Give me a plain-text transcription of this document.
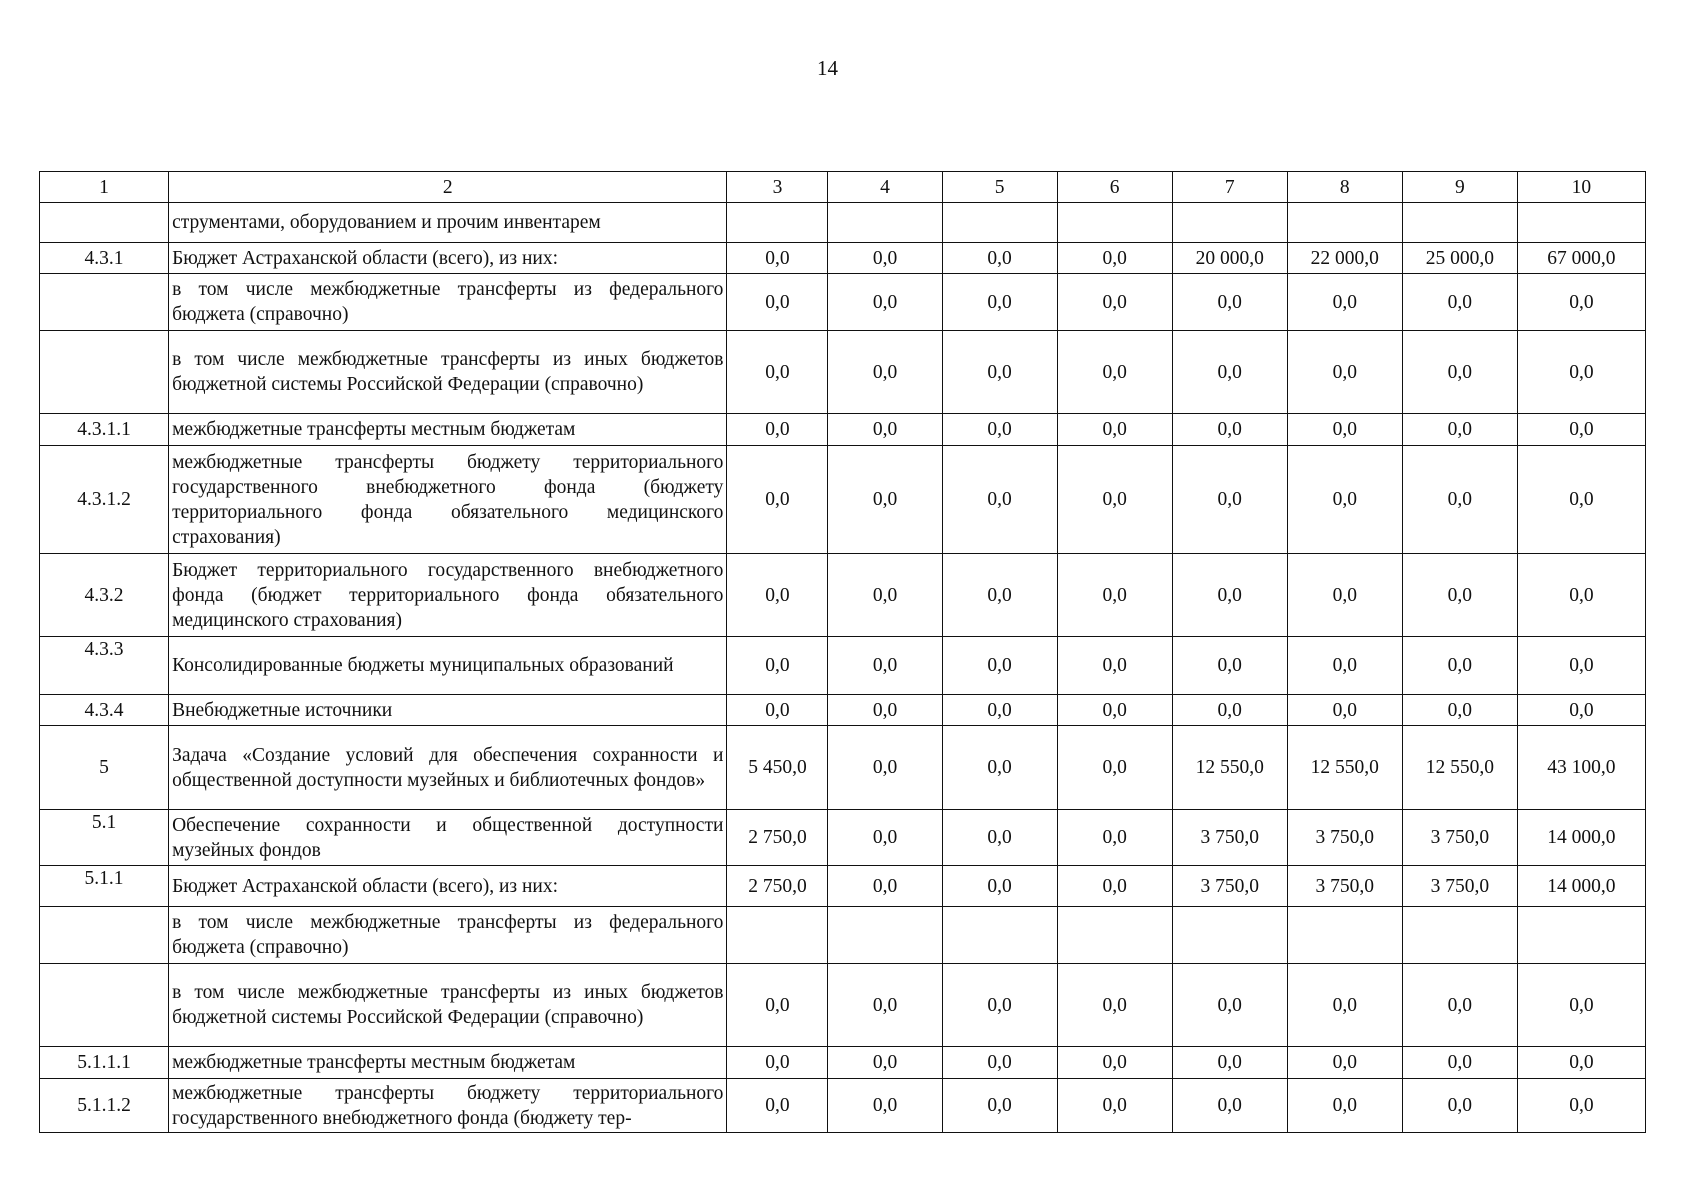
14
1	2	3	4	5	6	7	8	9	10
	струментами, оборудованием и прочим инвентарем								
4.3.1	Бюджет Астраханской области (всего), из них:	0,0	0,0	0,0	0,0	20 000,0	22 000,0	25 000,0	67 000,0
	в том числе межбюджетные трансферты из федерального бюджета (справочно)	0,0	0,0	0,0	0,0	0,0	0,0	0,0	0,0
	в том числе межбюджетные трансферты из иных бюджетов бюджетной системы Российской Федерации (справочно)	0,0	0,0	0,0	0,0	0,0	0,0	0,0	0,0
4.3.1.1	межбюджетные трансферты местным бюджетам	0,0	0,0	0,0	0,0	0,0	0,0	0,0	0,0
4.3.1.2	межбюджетные трансферты бюджету территориального государственного внебюджетного фонда (бюджету территориального фонда обязательного медицинского страхования)	0,0	0,0	0,0	0,0	0,0	0,0	0,0	0,0
4.3.2	Бюджет территориального государственного внебюджетного фонда (бюджет территориального фонда обязательного медицинского страхования)	0,0	0,0	0,0	0,0	0,0	0,0	0,0	0,0
4.3.3	Консолидированные бюджеты муниципальных образований	0,0	0,0	0,0	0,0	0,0	0,0	0,0	0,0
4.3.4	Внебюджетные источники	0,0	0,0	0,0	0,0	0,0	0,0	0,0	0,0
5	Задача «Создание условий для обеспечения сохранности и общественной доступности музейных и библиотечных фондов»	5 450,0	0,0	0,0	0,0	12 550,0	12 550,0	12 550,0	43 100,0
5.1	Обеспечение сохранности и общественной доступности музейных фондов	2 750,0	0,0	0,0	0,0	3 750,0	3 750,0	3 750,0	14 000,0
5.1.1	Бюджет Астраханской области (всего), из них:	2 750,0	0,0	0,0	0,0	3 750,0	3 750,0	3 750,0	14 000,0
	в том числе межбюджетные трансферты из федерального бюджета (справочно)								
	в том числе межбюджетные трансферты из иных бюджетов бюджетной системы Российской Федерации (справочно)	0,0	0,0	0,0	0,0	0,0	0,0	0,0	0,0
5.1.1.1	межбюджетные трансферты местным бюджетам	0,0	0,0	0,0	0,0	0,0	0,0	0,0	0,0
5.1.1.2	межбюджетные трансферты бюджету территориального государственного внебюджетного фонда (бюджету тер-	0,0	0,0	0,0	0,0	0,0	0,0	0,0	0,0
